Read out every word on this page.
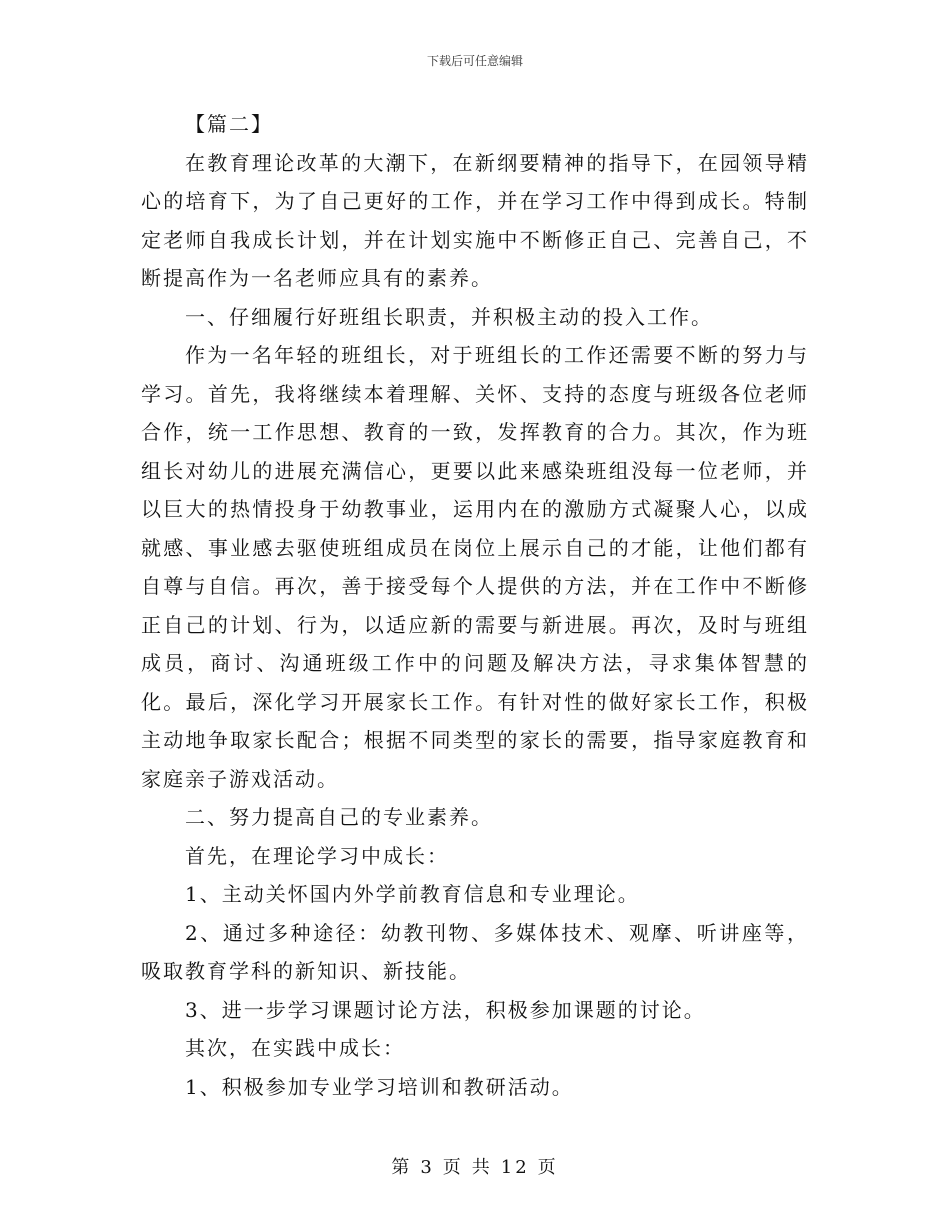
下载后可任意编辑

【篇二】

在教育理论改革的大潮下，在新纲要精神的指导下，在园领导精心的培育下，为了自己更好的工作，并在学习工作中得到成长。特制定老师自我成长计划，并在计划实施中不断修正自己、完善自己，不断提高作为一名老师应具有的素养。

一、仔细履行好班组长职责，并积极主动的投入工作。

作为一名年轻的班组长，对于班组长的工作还需要不断的努力与学习。首先，我将继续本着理解、关怀、支持的态度与班级各位老师合作，统一工作思想、教育的一致，发挥教育的合力。其次，作为班组长对幼儿的进展充满信心，更要以此来感染班组没每一位老师，并以巨大的热情投身于幼教事业，运用内在的激励方式凝聚人心，以成就感、事业感去驱使班组成员在岗位上展示自己的才能，让他们都有自尊与自信。再次，善于接受每个人提供的方法，并在工作中不断修正自己的计划、行为，以适应新的需要与新进展。再次，及时与班组成员，商讨、沟通班级工作中的问题及解决方法，寻求集体智慧的化。最后，深化学习开展家长工作。有针对性的做好家长工作，积极主动地争取家长配合；根据不同类型的家长的需要，指导家庭教育和家庭亲子游戏活动。

二、努力提高自己的专业素养。

首先，在理论学习中成长：

1、主动关怀国内外学前教育信息和专业理论。

2、通过多种途径：幼教刊物、多媒体技术、观摩、听讲座等，吸取教育学科的新知识、新技能。

3、进一步学习课题讨论方法，积极参加课题的讨论。

其次，在实践中成长：

1、积极参加专业学习培训和教研活动。

第 3 页 共 12 页
